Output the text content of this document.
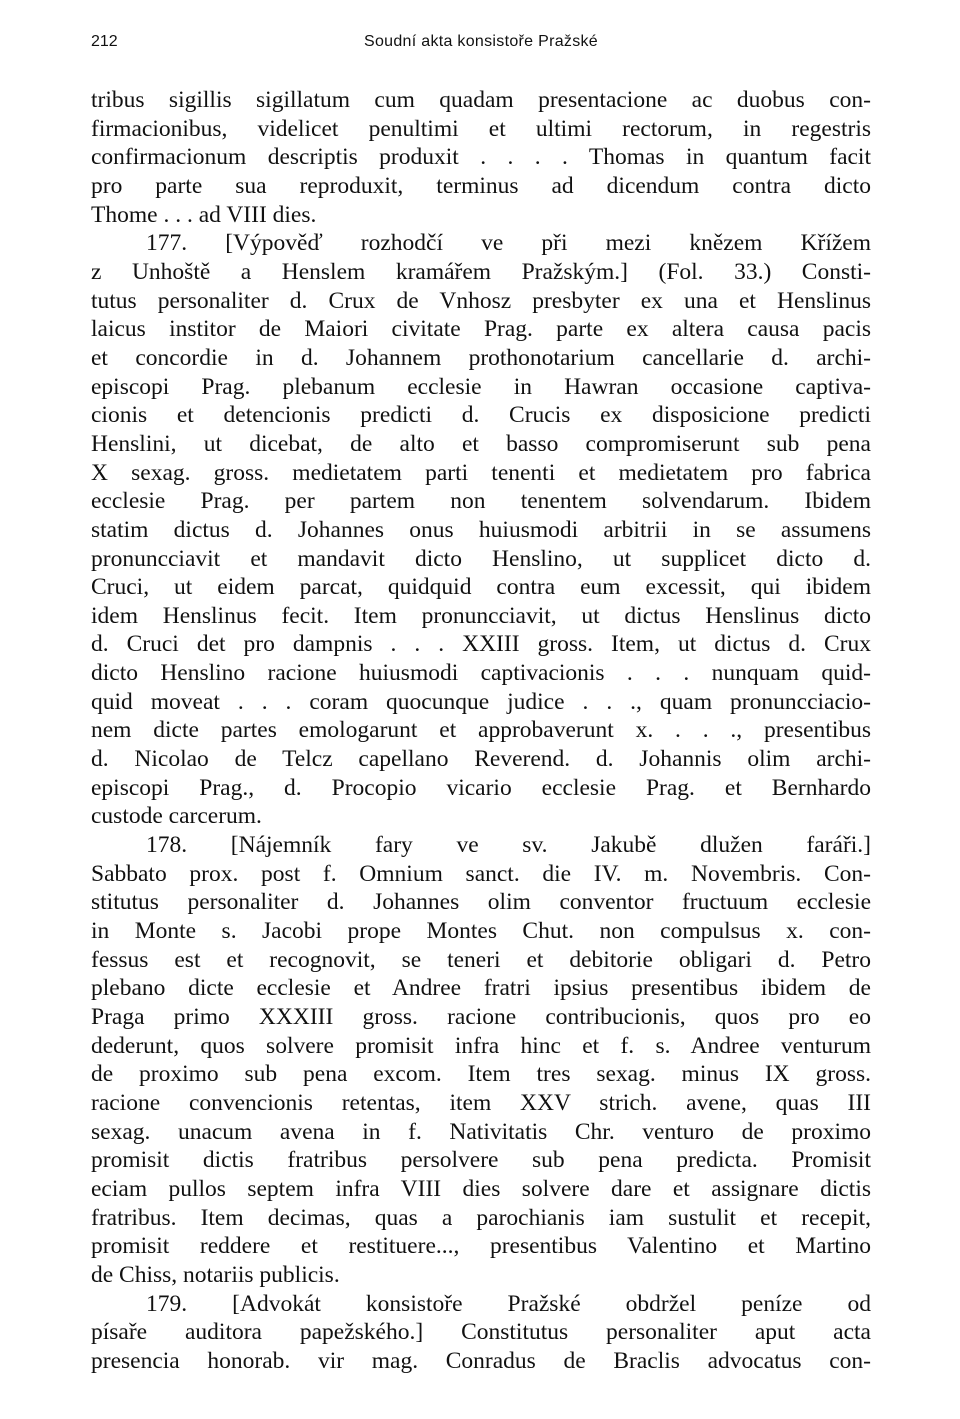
212	Soudní akta konsistoře Pražské
tribus sigillis sigillatum cum quadam presentacione ac duobus con-
firmacionibus, videlicet penultimi et ultimi rectorum, in regestris
confirmacionum descriptis produxit . . . . Thomas in quantum facit
pro parte sua reproduxit, terminus ad dicendum contra dicto
Thome . . . ad VIII dies.
177. [Výpověď rozhodčí ve při mezi knězem Křížem
z Unhoště a Henslem kramářem Pražským.] (Fol. 33.) Consti-
tutus personaliter d. Crux de Vnhosz presbyter ex una et Henslinus
laicus institor de Maiori civitate Prag. parte ex altera causa pacis
et concordie in d. Johannem prothonotarium cancellarie d. archi-
episcopi Prag. plebanum ecclesie in Hawran occasione captiva-
cionis et detencionis predicti d. Crucis ex disposicione predicti
Henslini, ut dicebat, de alto et basso compromiserunt sub pena
X sexag. gross. medietatem parti tenenti et medietatem pro fabrica
ecclesie Prag. per partem non tenentem solvendarum. Ibidem
statim dictus d. Johannes onus huiusmodi arbitrii in se assumens
pronuncciavit et mandavit dicto Henslino, ut supplicet dicto d.
Cruci, ut eidem parcat, quidquid contra eum excessit, qui ibidem
idem Henslinus fecit. Item pronuncciavit, ut dictus Henslinus dicto
d. Cruci det pro dampnis . . . XXIII gross. Item, ut dictus d. Crux
dicto Henslino racione huiusmodi captivacionis . . . nunquam quid-
quid moveat . . . coram quocunque judice . . ., quam pronuncciacio-
nem dicte partes emologarunt et approbaverunt x. . . ., presentibus
d. Nicolao de Telcz capellano Reverend. d. Johannis olim archi-
episcopi Prag., d. Procopio vicario ecclesie Prag. et Bernhardo
custode carcerum.
178. [Nájemník fary ve sv. Jakubě dlužen faráři.]
Sabbato prox. post f. Omnium sanct. die IV. m. Novembris. Con-
stitutus personaliter d. Johannes olim conventor fructuum ecclesie
in Monte s. Jacobi prope Montes Chut. non compulsus x. con-
fessus est et recognovit, se teneri et debitorie obligari d. Petro
plebano dicte ecclesie et Andree fratri ipsius presentibus ibidem de
Praga primo XXXIII gross. racione contribucionis, quos pro eo
dederunt, quos solvere promisit infra hinc et f. s. Andree venturum
de proximo sub pena excom. Item tres sexag. minus IX gross.
racione convencionis retentas, item XXV strich. avene, quas III
sexag. unacum avena in f. Nativitatis Chr. venturo de proximo
promisit dictis fratribus persolvere sub pena predicta. Promisit
eciam pullos septem infra VIII dies solvere dare et assignare dictis
fratribus. Item decimas, quas a parochianis iam sustulit et recepit,
promisit reddere et restituere..., presentibus Valentino et Martino
de Chiss, notariis publicis.
179. [Advokát konsistoře Pražské obdržel peníze od
písaře auditora papežského.] Constitutus personaliter aput acta
presencia honorab. vir mag. Conradus de Braclis advocatus con-
